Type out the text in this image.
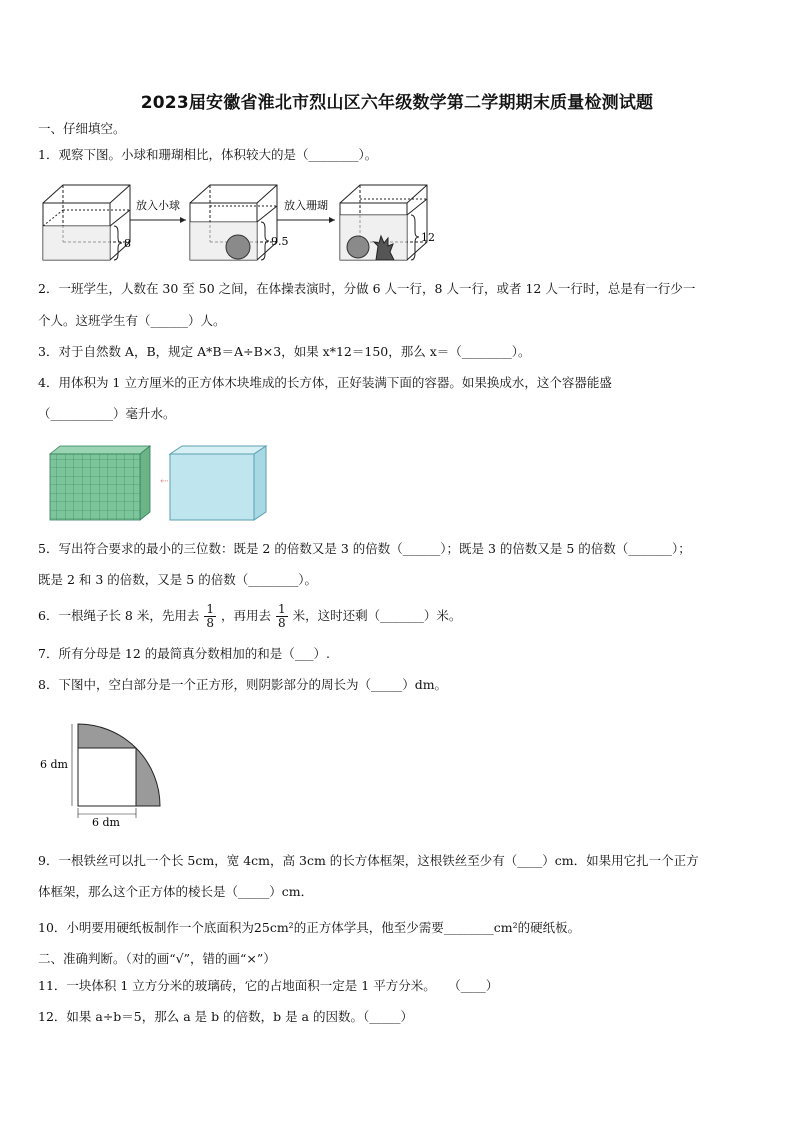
2023届安徽省淮北市烈山区六年级数学第二学期期末质量检测试题
一、仔细填空。
1．观察下图。小球和珊瑚相比，体积较大的是（________）。
放入小球	放入珊瑚
8	9.5	12
2．一班学生，人数在 30 至 50 之间，在体操表演时，分做 6 人一行，8 人一行，或者 12 人一行时，总是有一行少一
个人。这班学生有（______）人。
3．对于自然数 A，B，规定 A*B＝A÷B×3，如果 x*12＝150，那么 x＝（________）。
4．用体积为 1 立方厘米的正方体木块堆成的长方体，正好装满下面的容器。如果换成水，这个容器能盛
（__________）毫升水。
⇠
5．写出符合要求的最小的三位数：既是 2 的倍数又是 3 的倍数（______）；既是 3 的倍数又是 5 的倍数（_______）；
既是 2 和 3 的倍数，又是 5 的倍数（________）。
6．一根绳子长 8 米，先用去 $\frac{1}{8}$ ，再用去 $\frac{1}{8}$ 米，这时还剩（_______）米。
7．所有分母是 12 的最简真分数相加的和是（___）.
8．下图中，空白部分是一个正方形，则阴影部分的周长为（_____）dm。
6 dm
6 dm
9．一根铁丝可以扎一个长 5cm，宽 4cm，高 3cm 的长方体框架，这根铁丝至少有（____）cm．如果用它扎一个正方
体框架，那么这个正方体的棱长是（_____）cm．
10．小明要用硬纸板制作一个底面积为25cm²的正方体学具，他至少需要________cm²的硬纸板。
二、准确判断。（对的画“√”，错的画“×”）
11．一块体积 1 立方分米的玻璃砖，它的占地面积一定是 1 平方分米。　　（____）
12．如果 a÷b＝5，那么 a 是 b 的倍数，b 是 a 的因数。（_____）
